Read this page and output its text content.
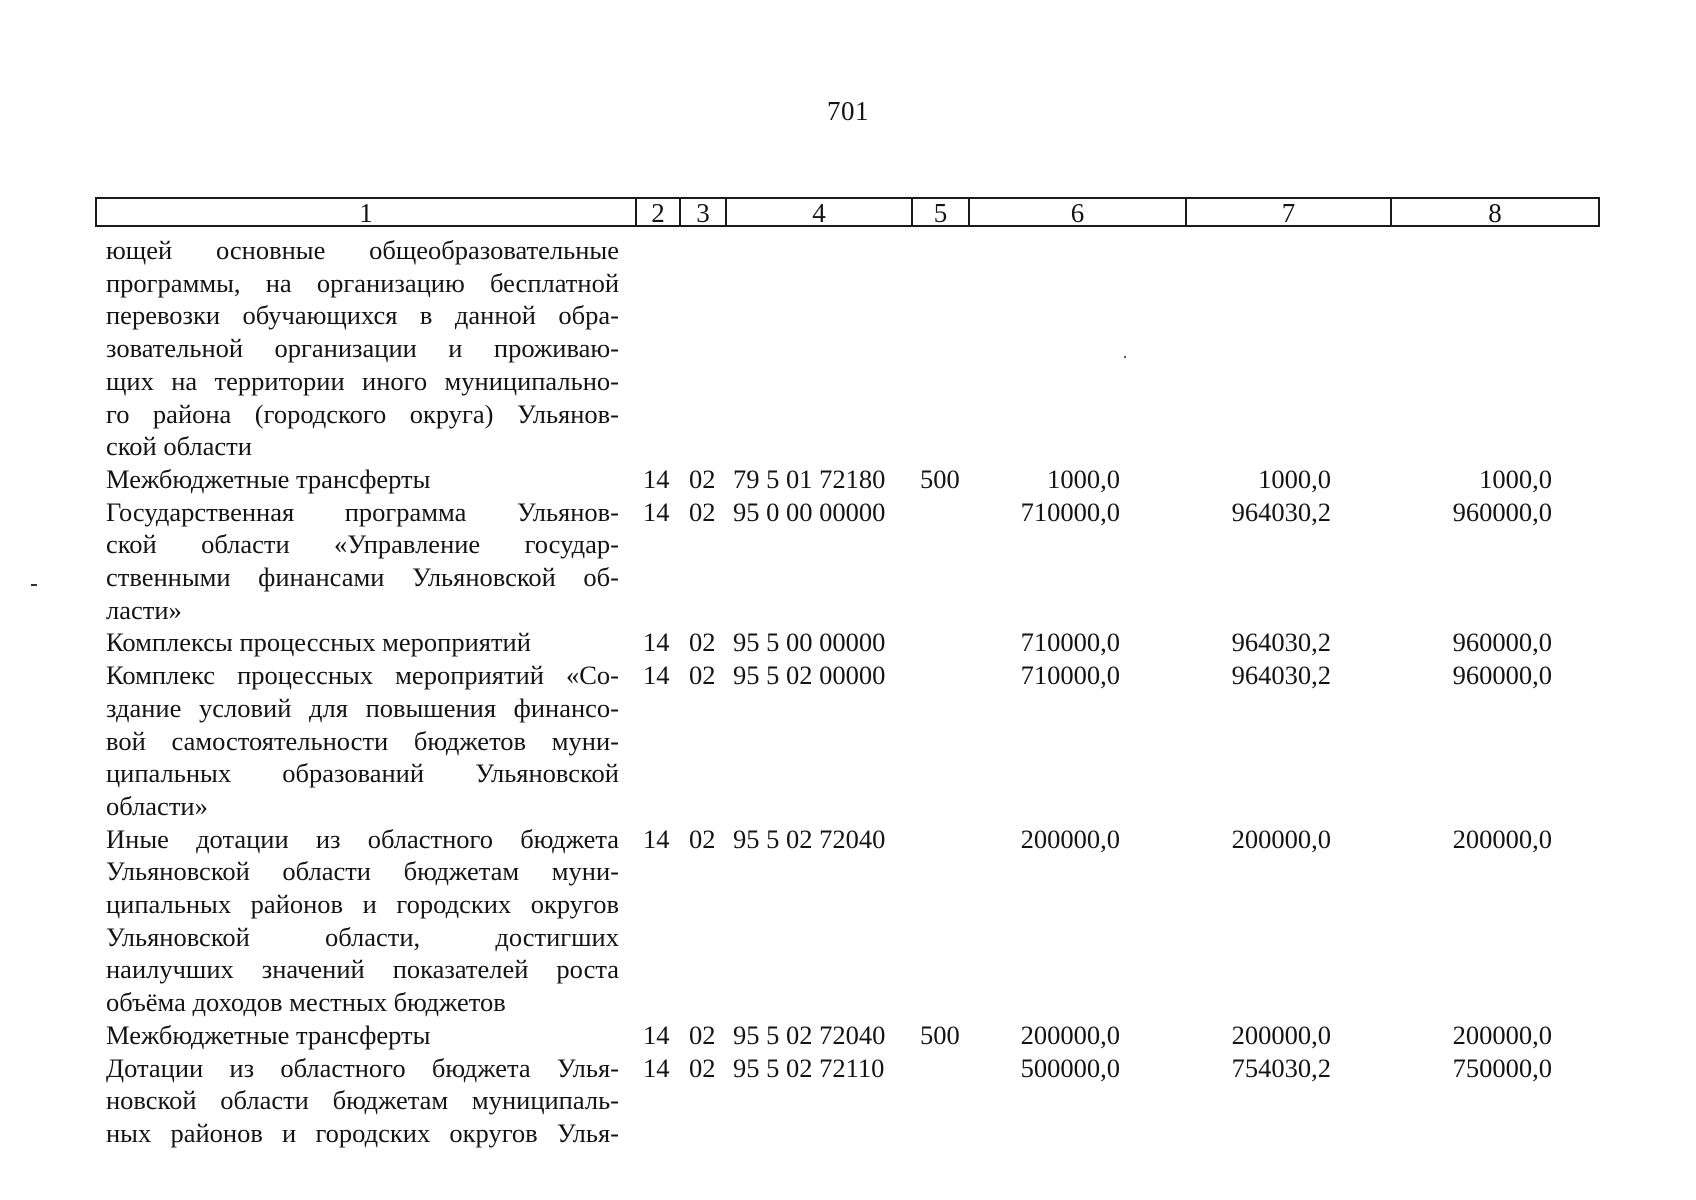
701
1	2	3	4	5	6	7	8
ющей основные общеобразовательные
программы, на организацию бесплатной
перевозки обучающихся в данной обра-
зовательной организации и проживаю-
щих на территории иного муниципально-
го района (городского округа) Ульянов-
ской области
Межбюджетные трансферты	14 02 79 5 01 72180 500	1000,0	1000,0	1000,0
Государственная программа Ульянов-
ской области «Управление государ-
ственными финансами Ульяновской об-
ласти»
14 02 95 0 00 00000	710000,0	964030,2	960000,0
Комплексы процессных мероприятий	14 02 95 5 00 00000	710000,0	964030,2	960000,0
Комплекс процессных мероприятий «Со-
здание условий для повышения финансо-
вой самостоятельности бюджетов муни-
ципальных образований Ульяновской
области»
14 02 95 5 02 00000	710000,0	964030,2	960000,0
Иные дотации из областного бюджета
Ульяновской области бюджетам муни-
ципальных районов и городских округов
Ульяновской области, достигших
наилучших значений показателей роста
объёма доходов местных бюджетов
14 02 95 5 02 72040	200000,0	200000,0	200000,0
Межбюджетные трансферты	14 02 95 5 02 72040 500	200000,0	200000,0	200000,0
Дотации из областного бюджета Улья-
новской области бюджетам муниципаль-
ных районов и городских округов Улья-
14 02 95 5 02 72110	500000,0	754030,2	750000,0
